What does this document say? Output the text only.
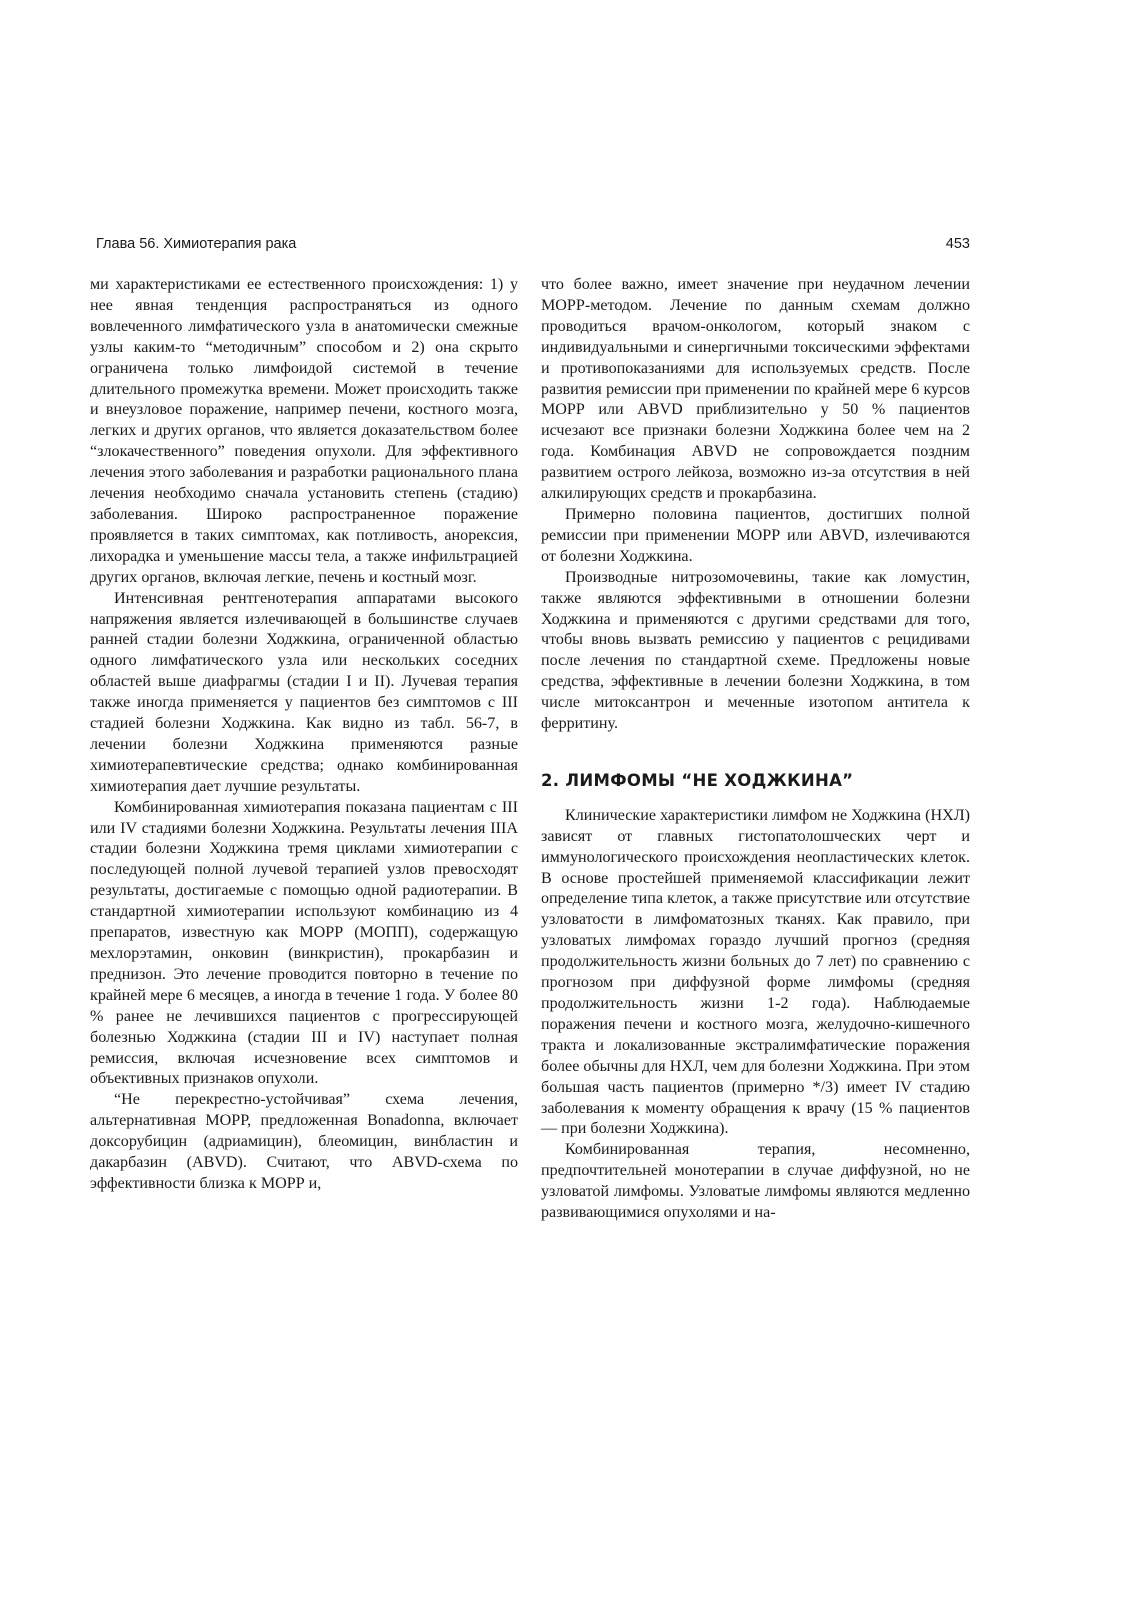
Глава 56. Химиотерапия рака	453

ми характеристиками ее естественного происхождения: 1) у нее явная тенденция распространяться из одного вовлеченного лимфатического узла в анатомически смежные узлы каким-то “методичным” способом и 2) она скрыто ограничена только лимфоидой системой в течение длительного промежутка времени. Может происходить также и внеузловое поражение, например печени, костного мозга, легких и других органов, что является доказательством более “злокачественного” поведения опухоли. Для эффективного лечения этого заболевания и разработки рационального плана лечения необходимо сначала установить степень (стадию) заболевания. Широко распространенное поражение проявляется в таких симптомах, как потливость, анорексия, лихорадка и уменьшение массы тела, а также инфильтрацией других органов, включая легкие, печень и костный мозг.

Интенсивная рентгенотерапия аппаратами высокого напряжения является излечивающей в большинстве случаев ранней стадии болезни Ходжкина, ограниченной областью одного лимфатического узла или нескольких соседних областей выше диафрагмы (стадии I и II). Лучевая терапия также иногда применяется у пациентов без симптомов с III стадией болезни Ходжкина. Как видно из табл. 56-7, в лечении болезни Ходжкина применяются разные химиотерапевтические средства; однако комбинированная химиотерапия дает лучшие результаты.

Комбинированная химиотерапия показана пациентам с III или IV стадиями болезни Ходжкина. Результаты лечения IIIA стадии болезни Ходжкина тремя циклами химиотерапии с последующей полной лучевой терапией узлов превосходят результаты, достигаемые с помощью одной радиотерапии. В стандартной химиотерапии используют комбинацию из 4 препаратов, известную как МОРР (МОПП), содержащую мехлорэтамин, онковин (винкристин), прокарбазин и преднизон. Это лечение проводится повторно в течение по крайней мере 6 месяцев, а иногда в течение 1 года. У более 80 % ранее не лечившихся пациентов с прогрессирующей болезнью Ходжкина (стадии III и IV) наступает полная ремиссия, включая исчезновение всех симптомов и объективных признаков опухоли.

“Не перекрестно-устойчивая” схема лечения, альтернативная МОРР, предложенная Bonadonna, включает доксорубицин (адриамицин), блеомицин, винбластин и дакарбазин (ABVD). Считают, что ABVD-схема по эффективности близка к МОРР и,

что более важно, имеет значение при неудачном лечении МОРР-методом. Лечение по данным схемам должно проводиться врачом-онкологом, который знаком с индивидуальными и синергичными токсическими эффектами и противопоказаниями для используемых средств. После развития ремиссии при применении по крайней мере 6 курсов МОРР или ABVD приблизительно у 50 % пациентов исчезают все признаки болезни Ходжкина более чем на 2 года. Комбинация ABVD не сопровождается поздним развитием острого лейкоза, возможно из-за отсутствия в ней алкилирующих средств и прокарбазина.

Примерно половина пациентов, достигших полной ремиссии при применении МОРР или ABVD, излечиваются от болезни Ходжкина.

Производные нитрозомочевины, такие как ломустин, также являются эффективными в отношении болезни Ходжкина и применяются с другими средствами для того, чтобы вновь вызвать ремиссию у пациентов с рецидивами после лечения по стандартной схеме. Предложены новые средства, эффективные в лечении болезни Ходжкина, в том числе митоксантрон и меченные изотопом антитела к ферритину.

2. ЛИМФОМЫ “НЕ ХОДЖКИНА”

Клинические характеристики лимфом не Ходжкина (НХЛ) зависят от главных гистопатолошческих черт и иммунологического происхождения неопластических клеток. В основе простейшей применяемой классификации лежит определение типа клеток, а также присутствие или отсутствие узловатости в лимфоматозных тканях. Как правило, при узловатых лимфомах гораздо лучший прогноз (средняя продолжительность жизни больных до 7 лет) по сравнению с прогнозом при диффузной форме лимфомы (средняя продолжительность жизни 1-2 года). Наблюдаемые поражения печени и костного мозга, желудочно-кишечного тракта и локализованные экстралимфатические поражения более обычны для НХЛ, чем для болезни Ходжкина. При этом большая часть пациентов (примерно */3) имеет IV стадию заболевания к моменту обращения к врачу (15 % пациентов — при болезни Ходжкина).

Комбинированная терапия, несомненно, предпочтительней монотерапии в случае диффузной, но не узловатой лимфомы. Узловатые лимфомы являются медленно развивающимися опухолями и на-
